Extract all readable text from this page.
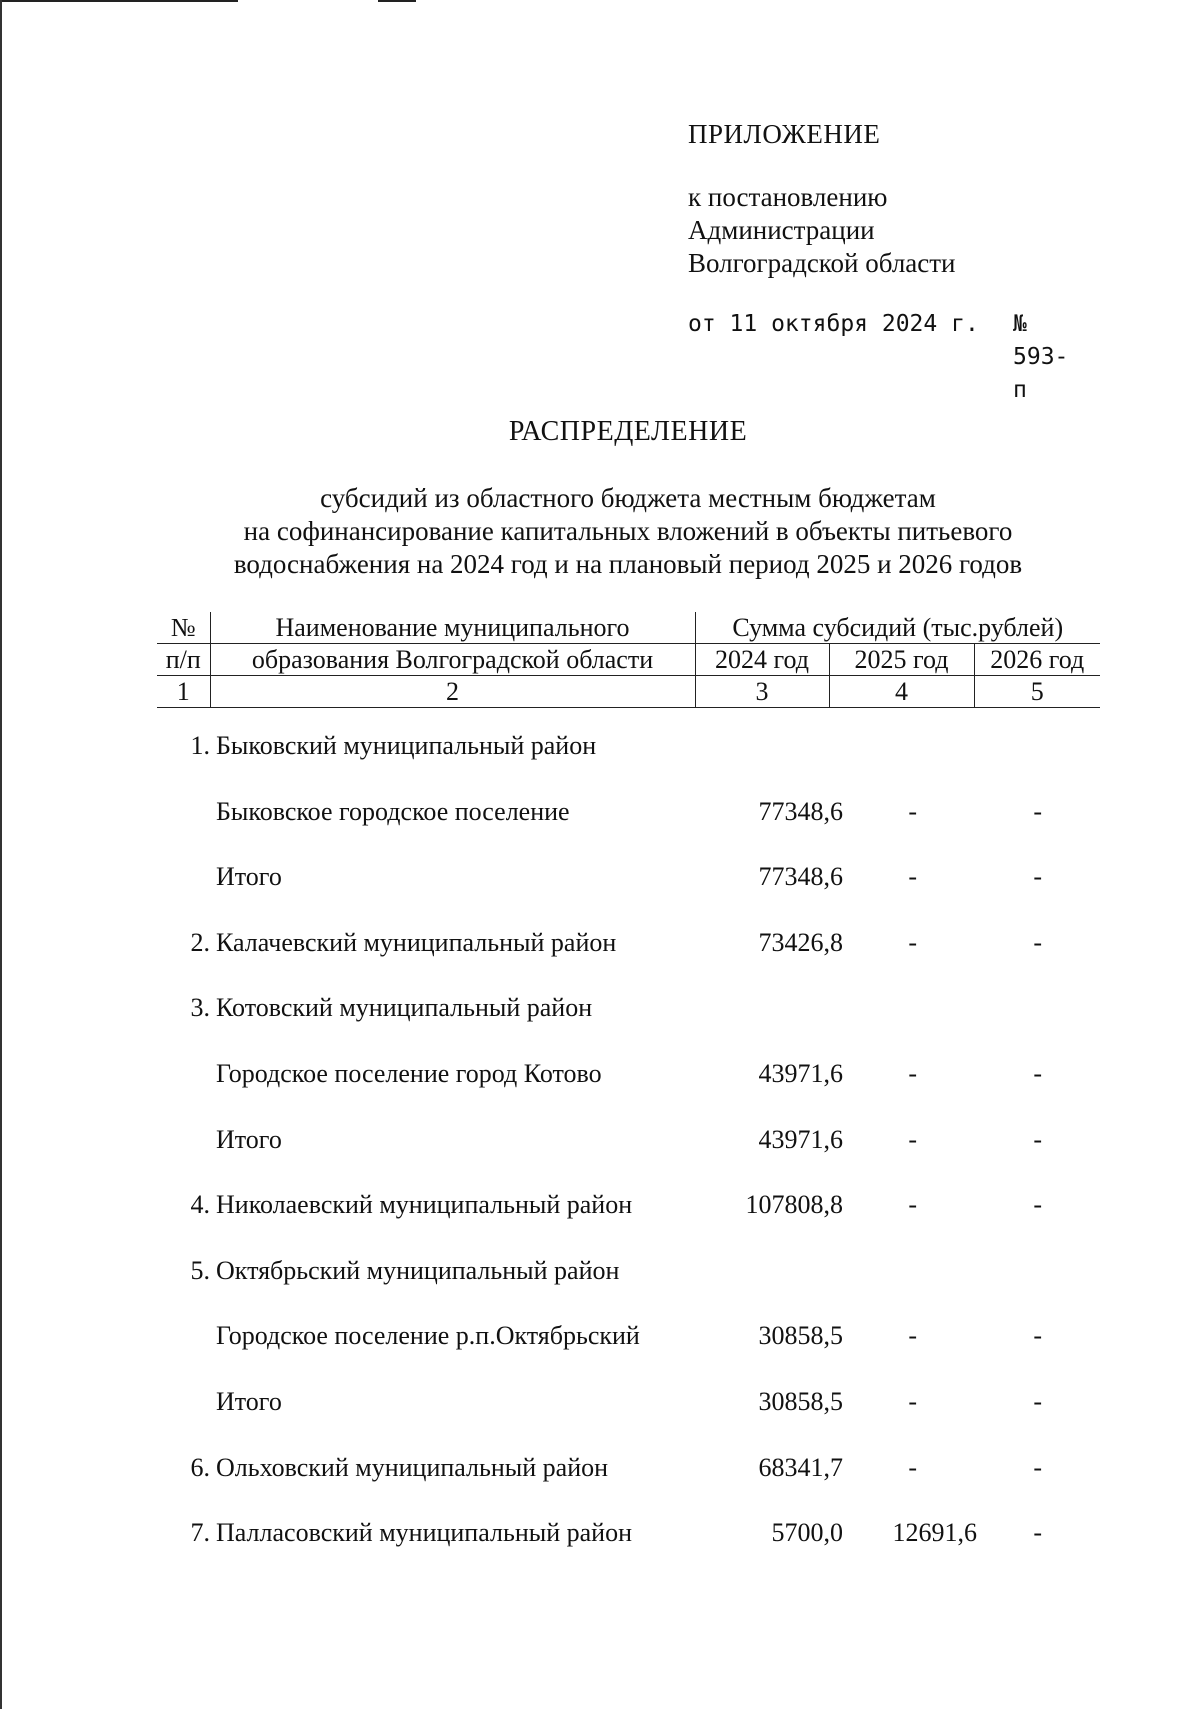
ПРИЛОЖЕНИЕ
к постановлению
Администрации
Волгоградской области
от 11 октября 2024 г. № 593-п
РАСПРЕДЕЛЕНИЕ
субсидий из областного бюджета местным бюджетам
на софинансирование капитальных вложений в объекты питьевого
водоснабжения на 2024 год и на плановый период 2025 и 2026 годов
№	Наименование муниципального	Сумма субсидий (тыс.рублей)		
п/п	образования Волгоградской области	2024 год	2025 год	2026 год
1	2	3	4	5
1. Быковский муниципальный район
Быковское городское поселение	77348,6	-	-
Итого	77348,6	-	-
2. Калачевский муниципальный район	73426,8	-	-
3. Котовский муниципальный район
Городское поселение город Котово	43971,6	-	-
Итого	43971,6	-	-
4. Николаевский муниципальный район	107808,8	-	-
5. Октябрьский муниципальный район
Городское поселение р.п.Октябрьский	30858,5	-	-
Итого	30858,5	-	-
6. Ольховский муниципальный район	68341,7	-	-
7. Палласовский муниципальный район	5700,0 12691,6 -
